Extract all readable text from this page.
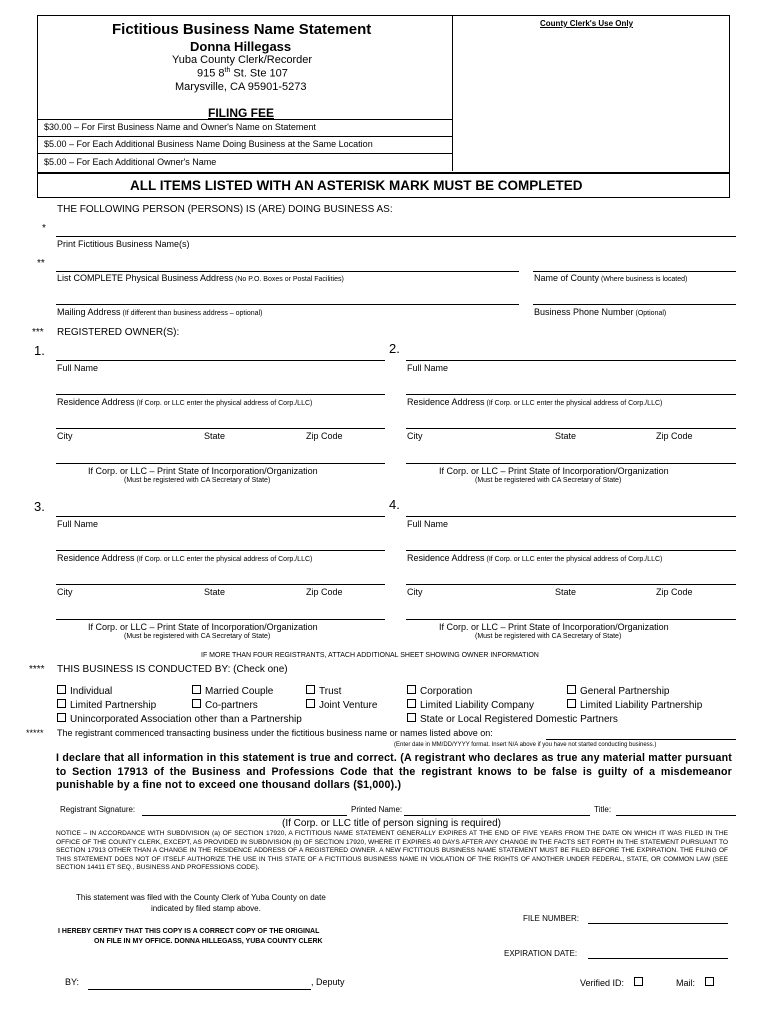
County Clerk's Use Only
Fictitious Business Name Statement
Donna Hillegass
Yuba County Clerk/Recorder
915 8th St. Ste 107
Marysville, CA 95901-5273
FILING FEE
$30.00 – For First Business Name and Owner's Name on Statement
$5.00 – For Each Additional Business Name Doing Business at the Same Location
$5.00 – For Each Additional Owner's Name
ALL ITEMS LISTED WITH AN ASTERISK MARK MUST BE COMPLETED
THE FOLLOWING PERSON (PERSONS) IS (ARE) DOING BUSINESS AS:
*
Print Fictitious Business Name(s)
**
List COMPLETE Physical Business Address (No P.O. Boxes or Postal Facilities)	Name of County (Where business is located)
Mailing Address (If different than business address – optional)	Business Phone Number (Optional)
*** REGISTERED OWNER(S):
1.
Full Name
Residence Address (If Corp. or LLC enter the physical address of Corp./LLC)
City	State	Zip Code
If Corp. or LLC – Print State of Incorporation/Organization
(Must be registered with CA Secretary of State)
2.
Full Name
Residence Address (If Corp. or LLC enter the physical address of Corp./LLC)
City	State	Zip Code
If Corp. or LLC – Print State of Incorporation/Organization
(Must be registered with CA Secretary of State)
3.
Full Name
Residence Address (If Corp. or LLC enter the physical address of Corp./LLC)
City	State	Zip Code
If Corp. or LLC – Print State of Incorporation/Organization
(Must be registered with CA Secretary of State)
4.
Full Name
Residence Address (If Corp. or LLC enter the physical address of Corp./LLC)
City	State	Zip Code
If Corp. or LLC – Print State of Incorporation/Organization
(Must be registered with CA Secretary of State)
IF MORE THAN FOUR REGISTRANTS, ATTACH ADDITIONAL SHEET SHOWING OWNER INFORMATION
**** THIS BUSINESS IS CONDUCTED BY: (Check one)
Individual	Married Couple	Trust	Corporation	General Partnership
Limited Partnership	Co-partners	Joint Venture	Limited Liability Company	Limited Liability Partnership
Unincorporated Association other than a Partnership	State or Local Registered Domestic Partners
***** The registrant commenced transacting business under the fictitious business name or names listed above on:
(Enter date in MM/DD/YYYY format. Insert N/A above if you have not started conducting business.)
I declare that all information in this statement is true and correct. (A registrant who declares as true any material matter pursuant to Section 17913 of the Business and Professions Code that the registrant knows to be false is guilty of a misdemeanor punishable by a fine not to exceed one thousand dollars ($1,000).)
Registrant Signature:	Printed Name:	Title:
(If Corp. or LLC title of person signing is required)
NOTICE – IN ACCORDANCE WITH SUBDIVISION (a) OF SECTION 17920, A FICTITIOUS NAME STATEMENT GENERALLY EXPIRES AT THE END OF FIVE YEARS FROM THE DATE ON WHICH IT WAS FILED IN THE OFFICE OF THE COUNTY CLERK, EXCEPT, AS PROVIDED IN SUBDIVISION (b) OF SECTION 17920, WHERE IT EXPIRES 40 DAYS AFTER ANY CHANGE IN THE FACTS SET FORTH IN THE STATEMENT PURSUANT TO SECTION 17913 OTHER THAN A CHANGE IN THE RESIDENCE ADDRESS OF A REGISTERED OWNER. A NEW FICTITIOUS BUSINESS NAME STATEMENT MUST BE FILED BEFORE THE EXPIRATION. THE FILING OF THIS STATEMENT DOES NOT OF ITSELF AUTHORIZE THE USE IN THIS STATE OF A FICTITIOUS BUSINESS NAME IN VIOLATION OF THE RIGHTS OF ANOTHER UNDER FEDERAL, STATE, OR COMMON LAW (SEE SECTION 14411 ET SEQ., BUSINESS AND PROFESSIONS CODE).
This statement was filed with the County Clerk of Yuba County on date
indicated by filed stamp above.
FILE NUMBER:
I HEREBY CERTIFY THAT THIS COPY IS A CORRECT COPY OF THE ORIGINAL
ON FILE IN MY OFFICE. DONNA HILLEGASS, YUBA COUNTY CLERK
EXPIRATION DATE:
BY:	, Deputy	Verified ID:	Mail:
